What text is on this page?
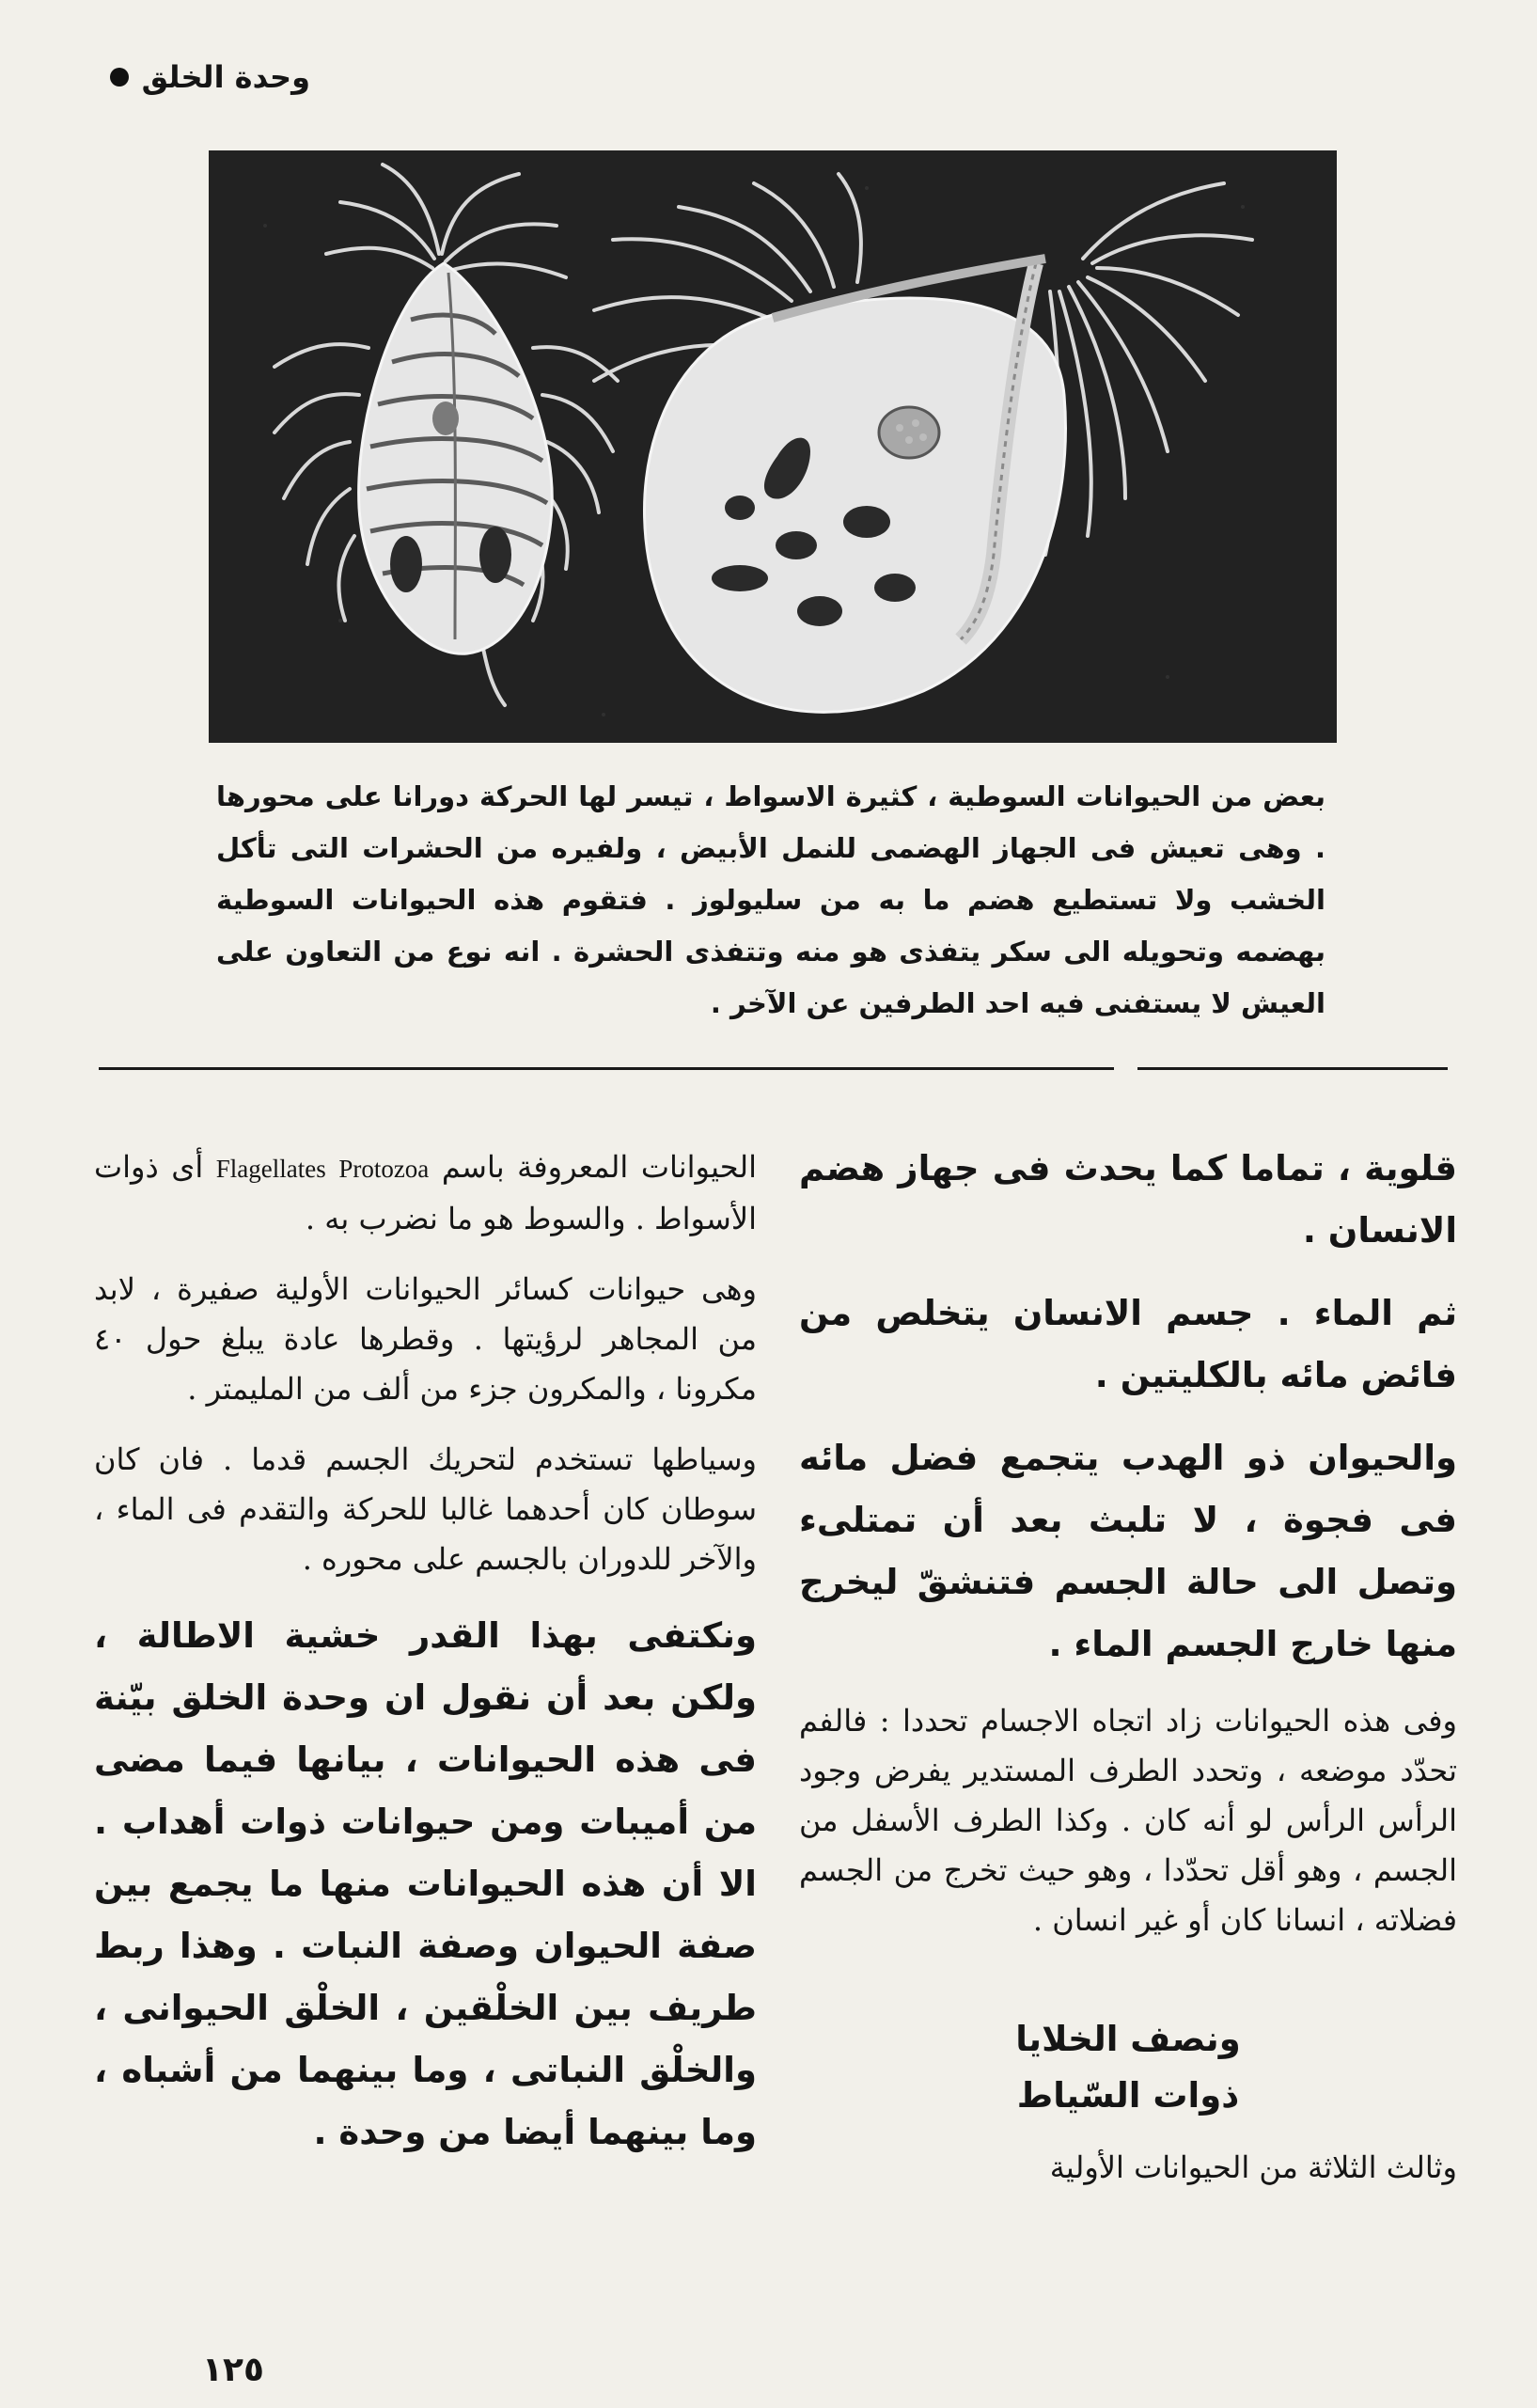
وحدة الخلق
بعض من الحيوانات السوطية ، كثيرة الاسواط ، تيسر لها الحركة دورانا على محورها . وهى تعيش فى الجهاز الهضمى للنمل الأبيض ، ولفيره من الحشرات التى تأكل الخشب ولا تستطيع هضم ما به من سليولوز . فتقوم هذه الحيوانات السوطية بهضمه وتحويله الى سكر يتفذى هو منه وتتفذى الحشرة . انه نوع من التعاون على العيش لا يستفنى فيه احد الطرفين عن الآخر .

قلوية ، تماما كما يحدث فى جهاز هضم الانسان .

ثم الماء . جسم الانسان يتخلص من فائض مائه بالكليتين .

والحيوان ذو الهدب يتجمع فضل مائه فى فجوة ، لا تلبث بعد أن تمتلىء وتصل الى حالة الجسم فتنشقّ ليخرج منها خارج الجسم الماء .

وفى هذه الحيوانات زاد اتجاه الاجسام تحددا : فالفم تحدّد موضعه ، وتحدد الطرف المستدير يفرض وجود الرأس الرأس لو أنه كان . وكذا الطرف الأسفل من الجسم ، وهو أقل تحدّدا ، وهو حيث تخرج من الجسم فضلاته ، انسانا كان أو غير انسان .

ونصف الخلايا
ذوات السّياط

وثالث الثلاثة من الحيوانات الأولية

الحيوانات المعروفة باسم Protozoa Flagellates أى ذوات الأسواط . والسوط هو ما نضرب به .

وهى حيوانات كسائر الحيوانات الأولية صفيرة ، لابد من المجاهر لرؤيتها . وقطرها عادة يبلغ حول ٤٠ مكرونا ، والمكرون جزء من ألف من المليمتر .

وسياطها تستخدم لتحريك الجسم قدما . فان كان سوطان كان أحدهما غالبا للحركة والتقدم فى الماء ، والآخر للدوران بالجسم على محوره .

ونكتفى بهذا القدر خشية الاطالة ، ولكن بعد أن نقول ان وحدة الخلق بيّنة فى هذه الحيوانات ، بيانها فيما مضى من أميبات ومن حيوانات ذوات أهداب . الا أن هذه الحيوانات منها ما يجمع بين صفة الحيوان وصفة النبات . وهذا ربط طريف بين الخلْقين ، الخلْق الحيوانى ، والخلْق النباتى ، وما بينهما من أشباه ، وما بينهما أيضا من وحدة .

١٢٥
